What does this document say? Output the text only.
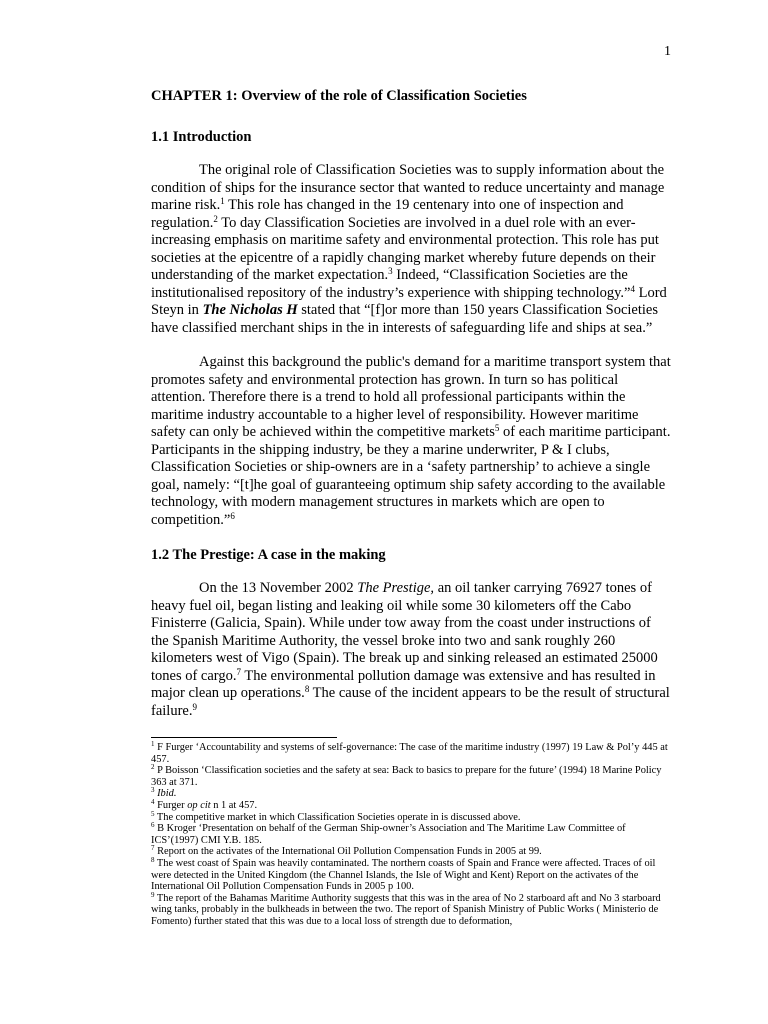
1
CHAPTER 1: Overview of the role of Classification Societies
1.1 Introduction

The original role of Classification Societies was to supply information about the condition of ships for the insurance sector that wanted to reduce uncertainty and manage marine risk.$^1$ This role has changed in the 19 centenary into one of inspection and regulation.$^2$ To day Classification Societies are involved in a duel role with an ever-increasing emphasis on maritime safety and environmental protection. This role has put societies at the epicentre of a rapidly changing market whereby future depends on their understanding of the market expectation.$^3$ Indeed, “Classification Societies are the institutionalised repository of the industry’s experience with shipping technology.”$^4$ Lord Steyn in The Nicholas H stated that “[f]or more than 150 years Classification Societies have classified merchant ships in the in interests of safeguarding life and ships at sea.”

Against this background the public's demand for a maritime transport system that promotes safety and environmental protection has grown. In turn so has political attention. Therefore there is a trend to hold all professional participants within the maritime industry accountable to a higher level of responsibility. However maritime safety can only be achieved within the competitive markets$^5$ of each maritime participant. Participants in the shipping industry, be they a marine underwriter, P & I clubs, Classification Societies or ship-owners are in a ‘safety partnership’ to achieve a single goal, namely: “[t]he goal of guaranteeing optimum ship safety according to the available technology, with modern management structures in markets which are open to competition.”$^6$

1.2 The Prestige: A case in the making

On the 13 November 2002 The Prestige, an oil tanker carrying 76927 tones of heavy fuel oil, began listing and leaking oil while some 30 kilometers off the Cabo Finisterre (Galicia, Spain). While under tow away from the coast under instructions of the Spanish Maritime Authority, the vessel broke into two and sank roughly 260 kilometers west of Vigo (Spain). The break up and sinking released an estimated 25000 tones of cargo.$^7$ The environmental pollution damage was extensive and has resulted in major clean up operations.$^8$ The cause of the incident appears to be the result of structural failure.$^9$

$^1$ F Furger ‘Accountability and systems of self-governance: The case of the maritime industry (1997) 19 Law & Pol’y 445 at 457.

$^2$ P Boisson ‘Classification societies and the safety at sea: Back to basics to prepare for the future’ (1994) 18 Marine Policy 363 at 371.

$^3$ Ibid.

$^4$ Furger op cit n 1 at 457.

$^5$ The competitive market in which Classification Societies operate in is discussed above.

$^6$ B Kroger ‘Presentation on behalf of the German Ship-owner’s Association and The Maritime Law Committee of ICS’(1997) CMI Y.B. 185.

$^7$ Report on the activates of the International Oil Pollution Compensation Funds in 2005 at 99.

$^8$ The west coast of Spain was heavily contaminated. The northern coasts of Spain and France were affected. Traces of oil were detected in the United Kingdom (the Channel Islands, the Isle of Wight and Kent) Report on the activates of the International Oil Pollution Compensation Funds in 2005 p 100.

$^9$ The report of the Bahamas Maritime Authority suggests that this was in the area of No 2 starboard aft and No 3 starboard wing tanks, probably in the bulkheads in between the two. The report of Spanish Ministry of Public Works ( Ministerio de Fomento) further stated that this was due to a local loss of strength due to deformation,
